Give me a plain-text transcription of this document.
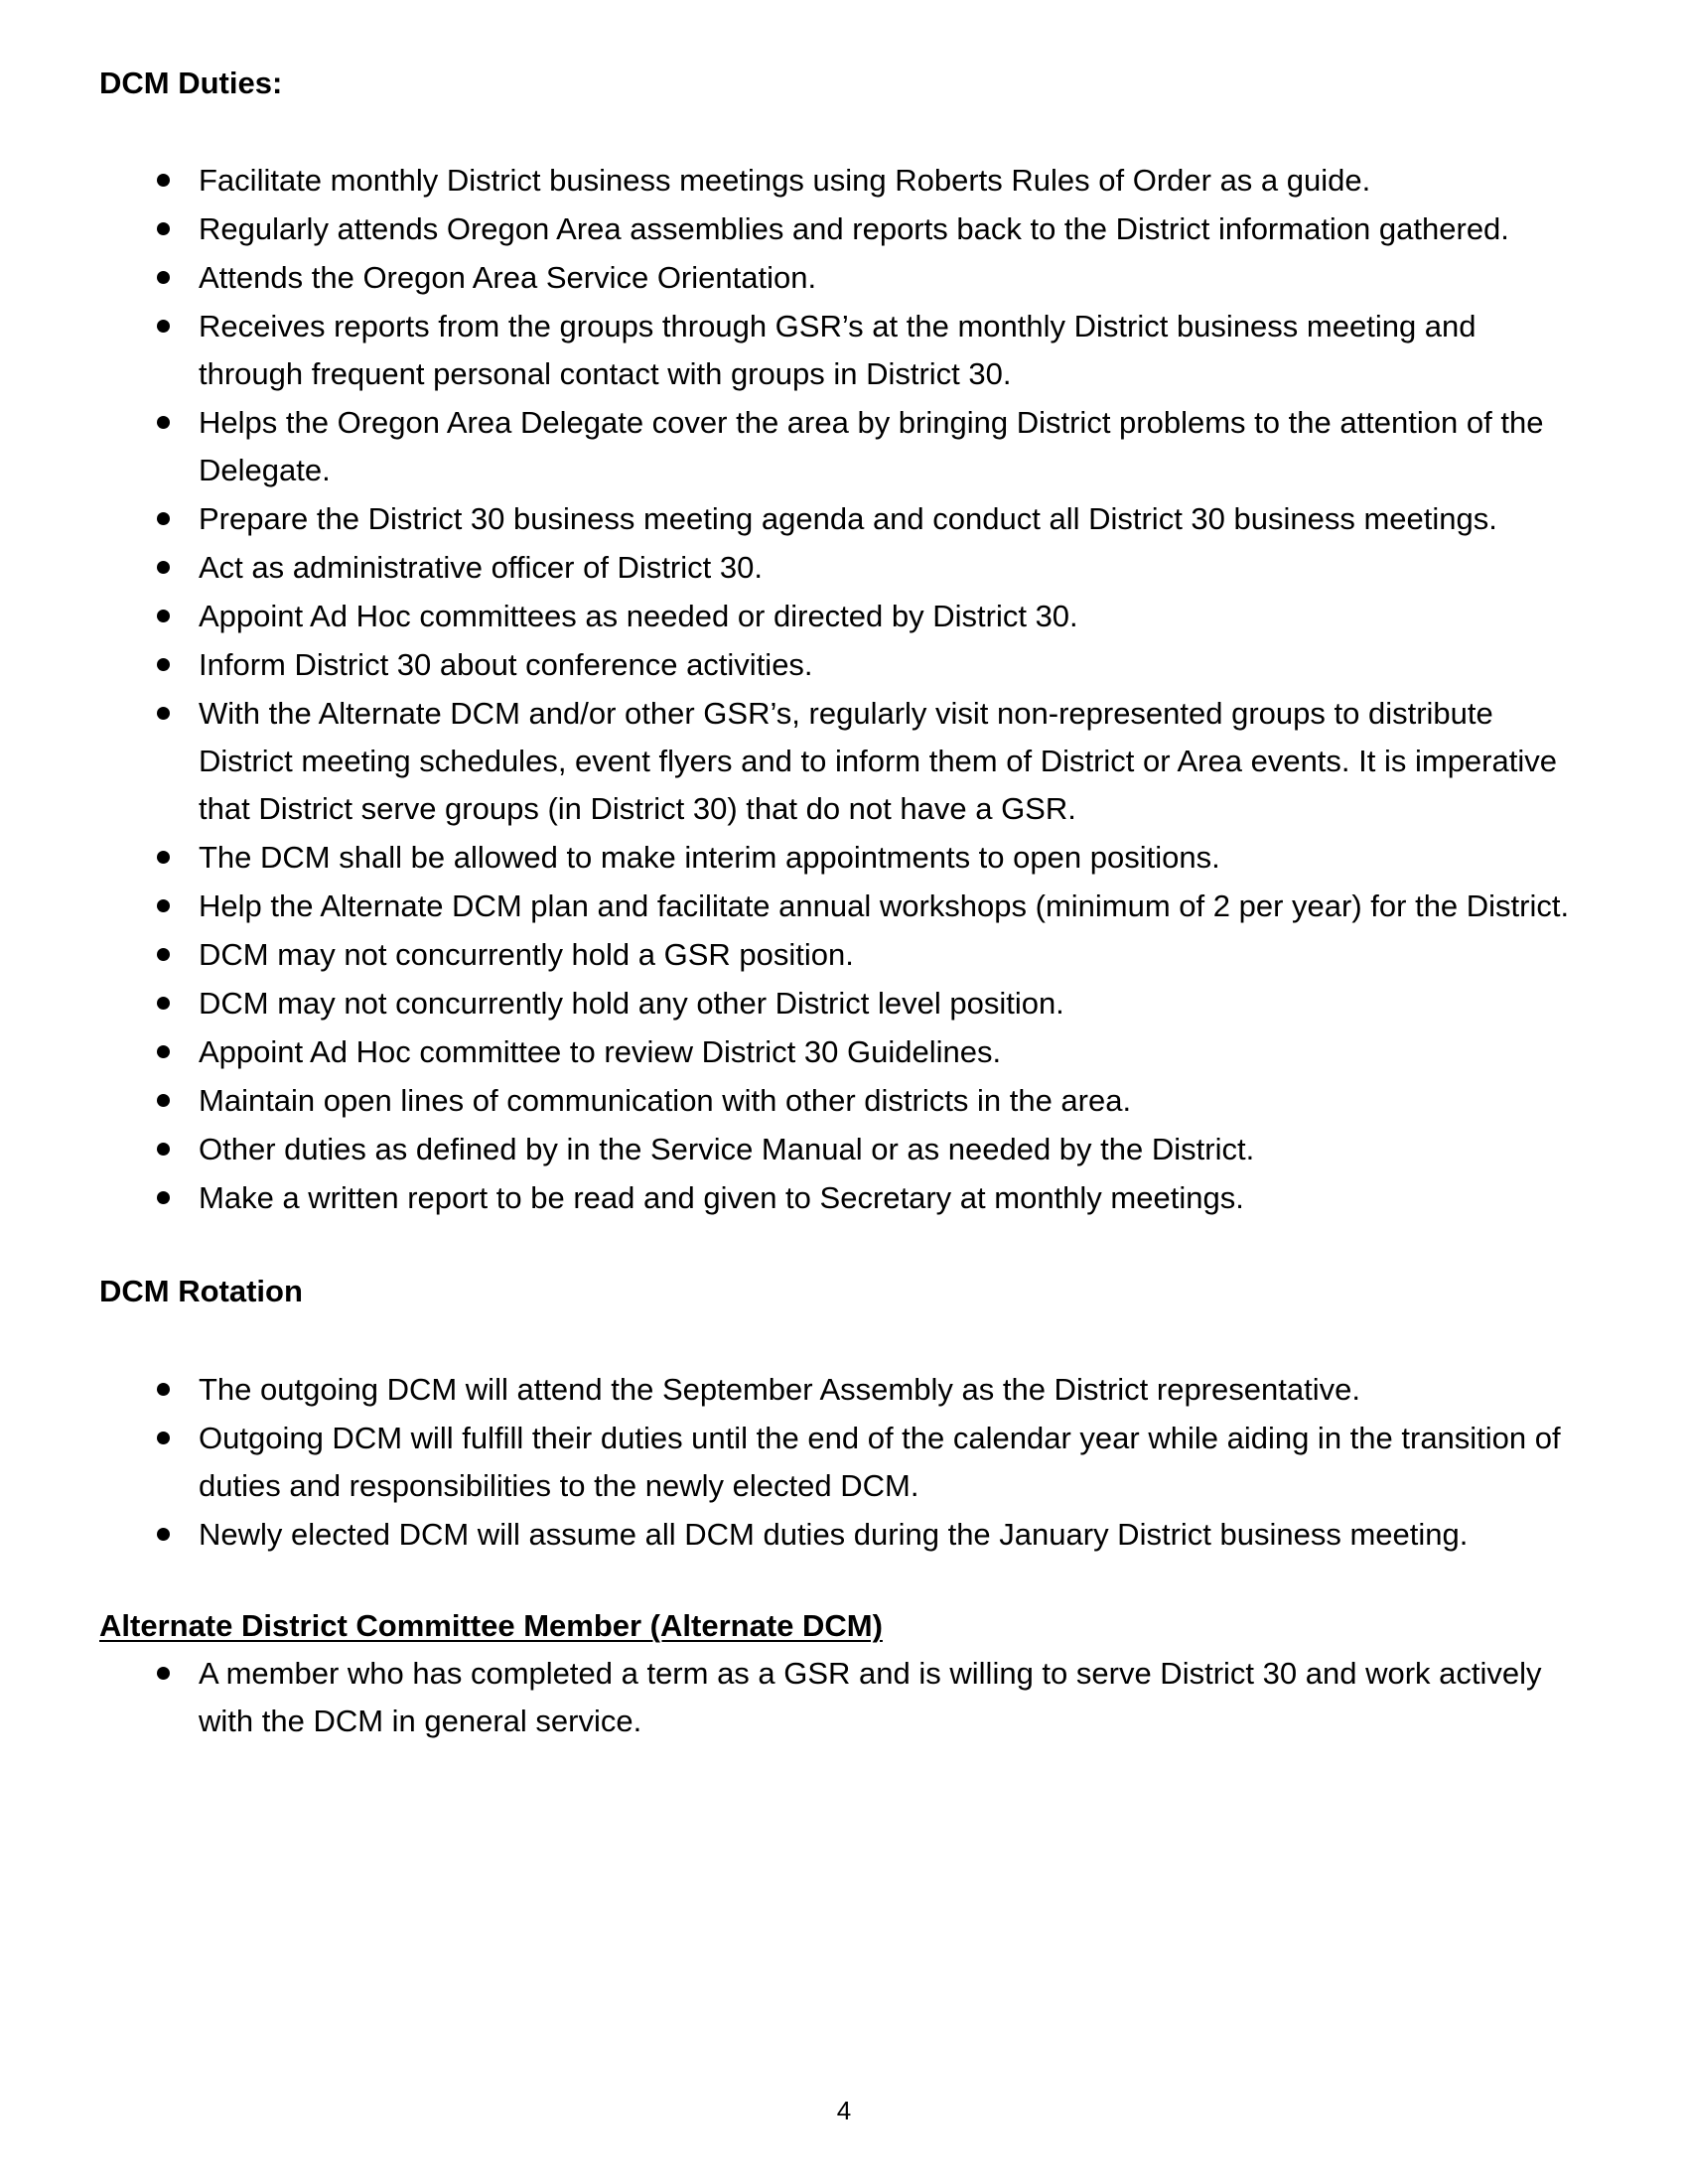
DCM Duties:
Facilitate monthly District business meetings using Roberts Rules of Order as a guide.
Regularly attends Oregon Area assemblies and reports back to the District information gathered.
Attends the Oregon Area Service Orientation.
Receives reports from the groups through GSR’s at the monthly District business meeting and through frequent personal contact with groups in District 30.
Helps the Oregon Area Delegate cover the area by bringing District problems to the attention of the Delegate.
Prepare the District 30 business meeting agenda and conduct all District 30 business meetings.
Act as administrative officer of District 30.
Appoint Ad Hoc committees as needed or directed by District 30.
Inform District 30 about conference activities.
With the Alternate DCM and/or other GSR’s, regularly visit non-represented groups to distribute District meeting schedules, event flyers and to inform them of District or Area events. It is imperative that District serve groups (in District 30) that do not have a GSR.
The DCM shall be allowed to make interim appointments to open positions.
Help the Alternate DCM plan and facilitate annual workshops (minimum of 2 per year) for the District.
DCM may not concurrently hold a GSR position.
DCM may not concurrently hold any other District level position.
Appoint Ad Hoc committee to review District 30 Guidelines.
Maintain open lines of communication with other districts in the area.
Other duties as defined by in the Service Manual or as needed by the District.
Make a written report to be read and given to Secretary at monthly meetings.
DCM Rotation
The outgoing DCM will attend the September Assembly as the District representative.
Outgoing DCM will fulfill their duties until the end of the calendar year while aiding in the transition of duties and responsibilities to the newly elected DCM.
Newly elected DCM will assume all DCM duties during the January District business meeting.
Alternate District Committee Member (Alternate DCM)
A member who has completed a term as a GSR and is willing to serve District 30 and work actively with the DCM in general service.
4
